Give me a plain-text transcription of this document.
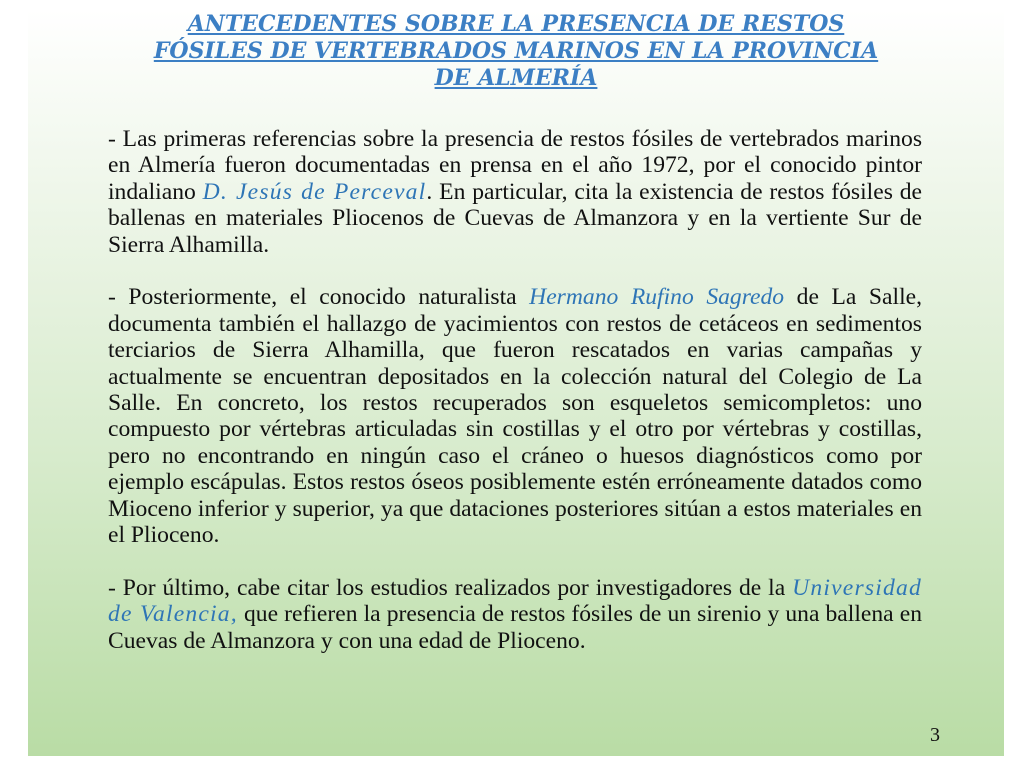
ANTECEDENTES SOBRE LA PRESENCIA DE RESTOS
FÓSILES DE VERTEBRADOS MARINOS EN LA PROVINCIA
DE ALMERÍA

- Las primeras referencias sobre la presencia de restos fósiles de vertebrados marinos en Almería fueron documentadas en prensa en el año 1972, por el conocido pintor indaliano D. Jesús de Perceval. En particular, cita la existencia de restos fósiles de ballenas en materiales Pliocenos de Cuevas de Almanzora y en la vertiente Sur de Sierra Alhamilla.

- Posteriormente, el conocido naturalista Hermano Rufino Sagredo de La Salle, documenta también el hallazgo de yacimientos con restos de cetáceos en sedimentos terciarios de Sierra Alhamilla, que fueron rescatados en varias campañas y actualmente se encuentran depositados en la colección natural del Colegio de La Salle. En concreto, los restos recuperados son esqueletos semicompletos: uno compuesto por vértebras articuladas sin costillas y el otro por vértebras y costillas, pero no encontrando en ningún caso el cráneo o huesos diagnósticos como por ejemplo escápulas. Estos restos óseos posiblemente estén erróneamente datados como Mioceno inferior y superior, ya que dataciones posteriores sitúan a estos materiales en el Plioceno.

- Por último, cabe citar los estudios realizados por investigadores de la Universidad de Valencia, que refieren la presencia de restos fósiles de un sirenio y una ballena en Cuevas de Almanzora y con una edad de Plioceno.

3
